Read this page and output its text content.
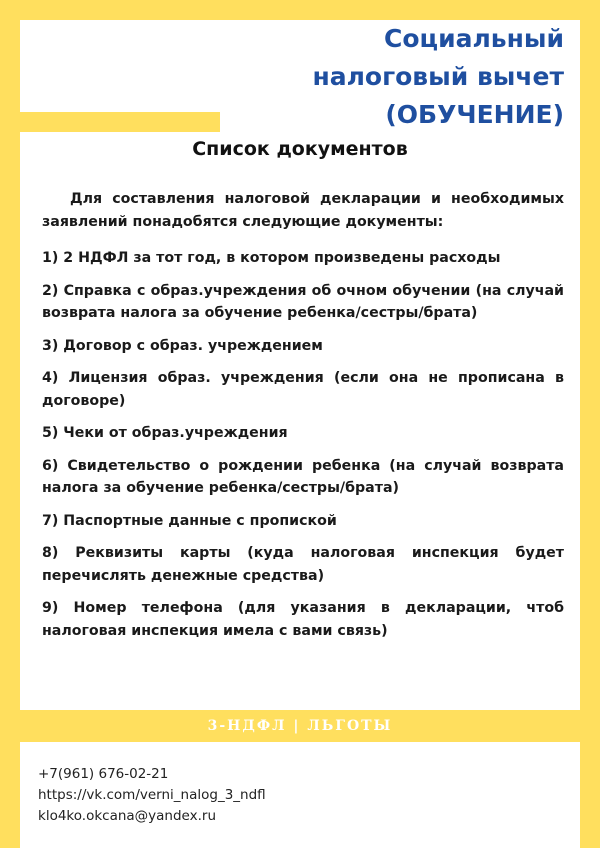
Социальный
налоговый вычет
(ОБУЧЕНИЕ)
Список документов

Для составления налоговой декларации и необходимых заявлений понадобятся следующие документы:

1) 2 НДФЛ за тот год, в котором произведены расходы

2) Справка с образ.учреждения об очном обучении (на случай возврата налога за обучение ребенка/сестры/брата)

3) Договор с образ. учреждением

4) Лицензия образ. учреждения (если она не прописана в договоре)

5) Чеки от образ.учреждения

6) Свидетельство о рождении ребенка (на случай возврата налога за обучение ребенка/сестры/брата)

7) Паспортные данные с пропиской

8) Реквизиты карты (куда налоговая инспекция будет перечислять денежные средства)

9) Номер телефона (для указания в декларации, чтоб налоговая инспекция имела с вами связь)

3-НДФЛ | ЛЬГОТЫ
+7(961) 676-02-21
https://vk.com/verni_nalog_3_ndfl
klo4ko.okcana@yandex.ru
